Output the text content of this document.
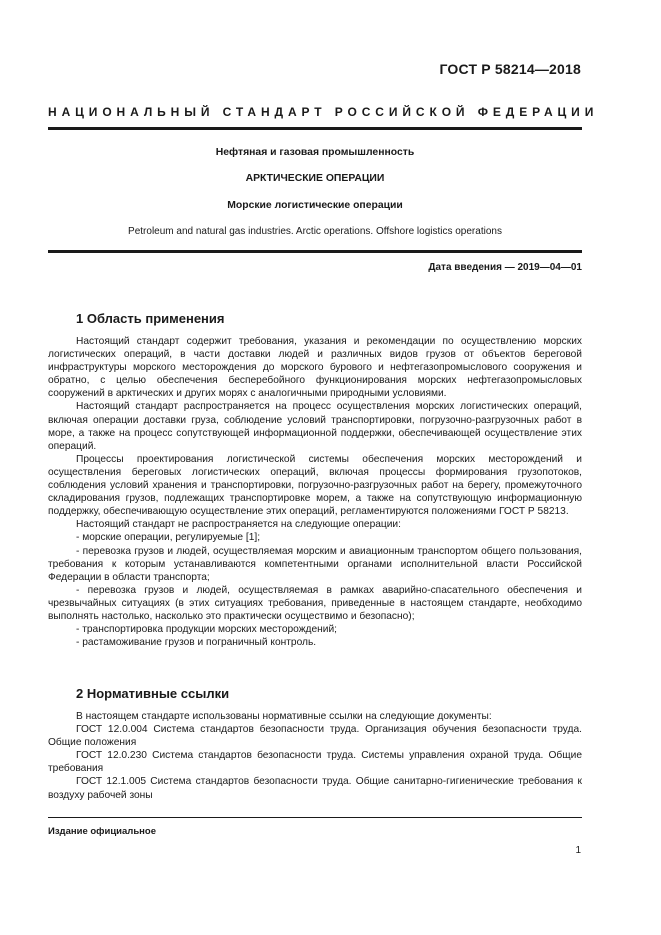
ГОСТ Р 58214—2018
НАЦИОНАЛЬНЫЙ СТАНДАРТ РОССИЙСКОЙ ФЕДЕРАЦИИ
Нефтяная и газовая промышленность
АРКТИЧЕСКИЕ ОПЕРАЦИИ
Морские логистические операции
Petroleum and natural gas industries. Arctic operations. Offshore logistics operations
Дата введения — 2019—04—01
1 Область применения

Настоящий стандарт содержит требования, указания и рекомендации по осуществлению морских логистических операций, в части доставки людей и различных видов грузов от объектов береговой инфраструктуры морского месторождения до морского бурового и нефтегазопромыслового сооружения и обратно, с целью обеспечения бесперебойного функционирования морских нефтегазопромысловых сооружений в арктических и других морях с аналогичными природными условиями.

Настоящий стандарт распространяется на процесс осуществления морских логистических операций, включая операции доставки груза, соблюдение условий транспортировки, погрузочно-разгрузочных работ в море, а также на процесс сопутствующей информационной поддержки, обеспечивающей осуществление этих операций.

Процессы проектирования логистической системы обеспечения морских месторождений и осуществления береговых логистических операций, включая процессы формирования грузопотоков, соблюдения условий хранения и транспортировки, погрузочно-разгрузочных работ на берегу, промежуточного складирования грузов, подлежащих транспортировке морем, а также на сопутствующую информационную поддержку, обеспечивающую осуществление этих операций, регламентируются положениями ГОСТ Р 58213.

Настоящий стандарт не распространяется на следующие операции:

- морские операции, регулируемые [1];

- перевозка грузов и людей, осуществляемая морским и авиационным транспортом общего пользования, требования к которым устанавливаются компетентными органами исполнительной власти Российской Федерации в области транспорта;

- перевозка грузов и людей, осуществляемая в рамках аварийно-спасательного обеспечения и чрезвычайных ситуациях (в этих ситуациях требования, приведенные в настоящем стандарте, необходимо выполнять настолько, насколько это практически осуществимо и безопасно);

- транспортировка продукции морских месторождений;

- растаможивание грузов и пограничный контроль.

2 Нормативные ссылки

В настоящем стандарте использованы нормативные ссылки на следующие документы:

ГОСТ 12.0.004 Система стандартов безопасности труда. Организация обучения безопасности труда. Общие положения

ГОСТ 12.0.230 Система стандартов безопасности труда. Системы управления охраной труда. Общие требования

ГОСТ 12.1.005 Система стандартов безопасности труда. Общие санитарно-гигиенические требования к воздуху рабочей зоны

Издание официальное
1
